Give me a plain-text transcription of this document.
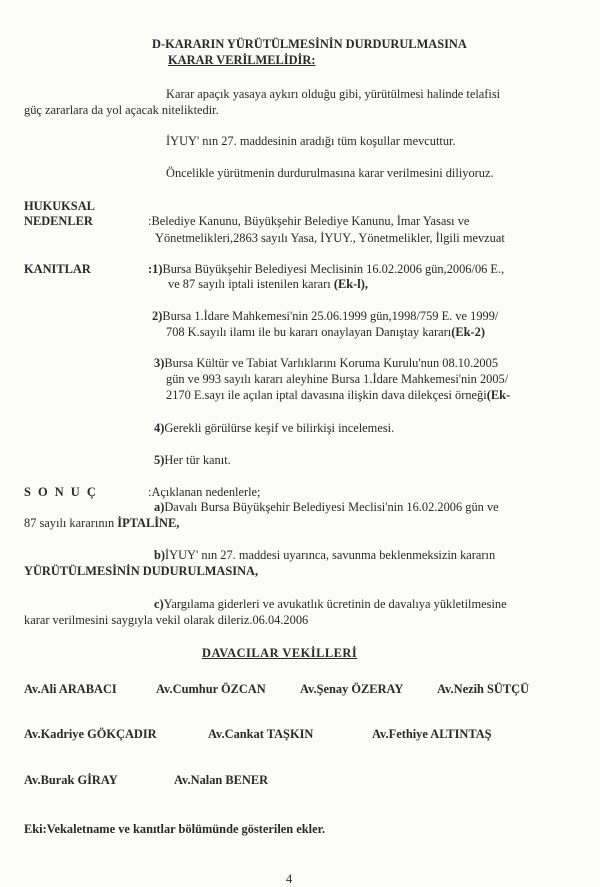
D-KARARIN YÜRÜTÜLMESİNİN DURDURULMASINA
KARAR VERİLMELİDİR:
Karar apaçık yasaya aykırı olduğu gibi, yürütülmesi halinde telafisi
güç zararlara da yol açacak niteliktedir.
İYUY' nın 27. maddesinin aradığı tüm koşullar mevcuttur.
Öncelikle yürütmenin durdurulmasına karar verilmesini diliyoruz.
HUKUKSAL
NEDENLER	:Belediye Kanunu, Büyükşehir Belediye Kanunu, İmar Yasası ve
Yönetmelikleri,2863 sayılı Yasa, İYUY., Yönetmelikler, İlgili mevzuat
KANITLAR	:1)Bursa Büyükşehir Belediyesi Meclisinin 16.02.2006 gün,2006/06 E.,
ve 87 sayılı iptali istenilen kararı (Ek-l),
2)Bursa 1.İdare Mahkemesi'nin 25.06.1999 gün,1998/759 E. ve 1999/
708 K.sayılı ilamı ile bu kararı onaylayan Danıştay kararı(Ek-2)
3)Bursa Kültür ve Tabiat Varlıklarını Koruma Kurulu'nun 08.10.2005
gün ve 993 sayılı kararı aleyhine Bursa 1.İdare Mahkemesi'nin 2005/
2170 E.sayı ile açılan iptal davasına ilişkin dava dilekçesi örneği(Ek-
4)Gerekli görülürse keşif ve bilirkişi incelemesi.
5)Her tür kanıt.
S O N U Ç	:Açıklanan nedenlerle;
a)Davalı Bursa Büyükşehir Belediyesi Meclisi'nin 16.02.2006 gün ve
87 sayılı kararının İPTALİNE,
b)İYUY' nın 27. maddesi uyarınca, savunma beklenmeksizin kararın
YÜRÜTÜLMESİNİN DUDURULMASINA,
c)Yargılama giderleri ve avukatlık ücretinin de davalıya yükletilmesine
karar verilmesini saygıyla vekil olarak dileriz.06.04.2006
DAVACILAR VEKİLLERİ
Av.Ali ARABACI	Av.Cumhur ÖZCAN	Av.Şenay ÖZERAY	Av.Nezih SÜTÇÜ
Av.Kadriye GÖKÇADIR	Av.Cankat TAŞKIN	Av.Fethiye ALTINTAŞ
Av.Burak GİRAY	Av.Nalan BENER
Eki:Vekaletname ve kanıtlar bölümünde gösterilen ekler.
4
